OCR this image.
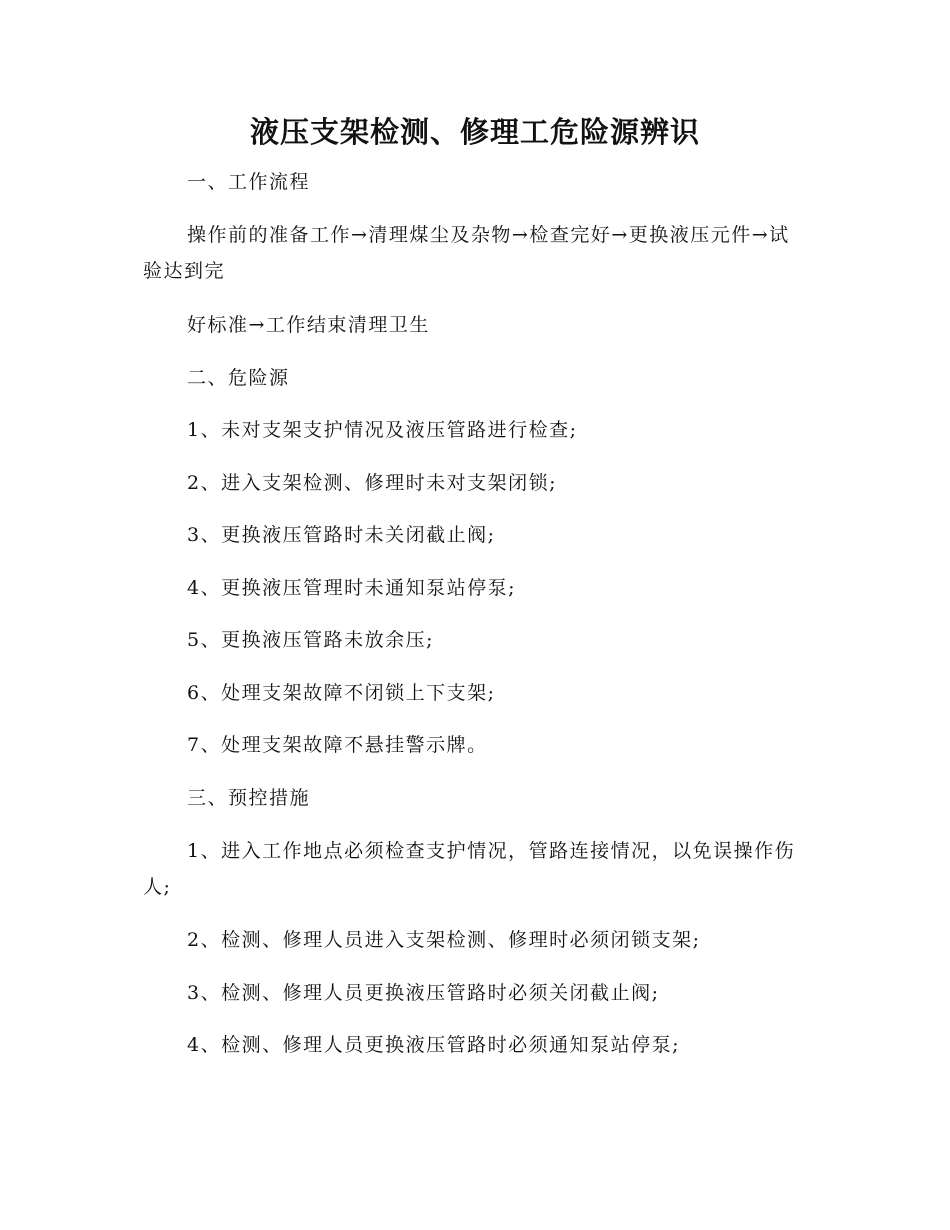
液压支架检测、修理工危险源辨识
一、工作流程
操作前的准备工作→清理煤尘及杂物→检查完好→更换液压元件→试验达到完
好标准→工作结束清理卫生
二、危险源
1、未对支架支护情况及液压管路进行检查;
2、进入支架检测、修理时未对支架闭锁;
3、更换液压管路时未关闭截止阀;
4、更换液压管理时未通知泵站停泵;
5、更换液压管路未放余压;
6、处理支架故障不闭锁上下支架;
7、处理支架故障不悬挂警示牌。
三、预控措施
1、进入工作地点必须检查支护情况，管路连接情况，以免误操作伤人;
2、检测、修理人员进入支架检测、修理时必须闭锁支架;
3、检测、修理人员更换液压管路时必须关闭截止阀;
4、检测、修理人员更换液压管路时必须通知泵站停泵;
